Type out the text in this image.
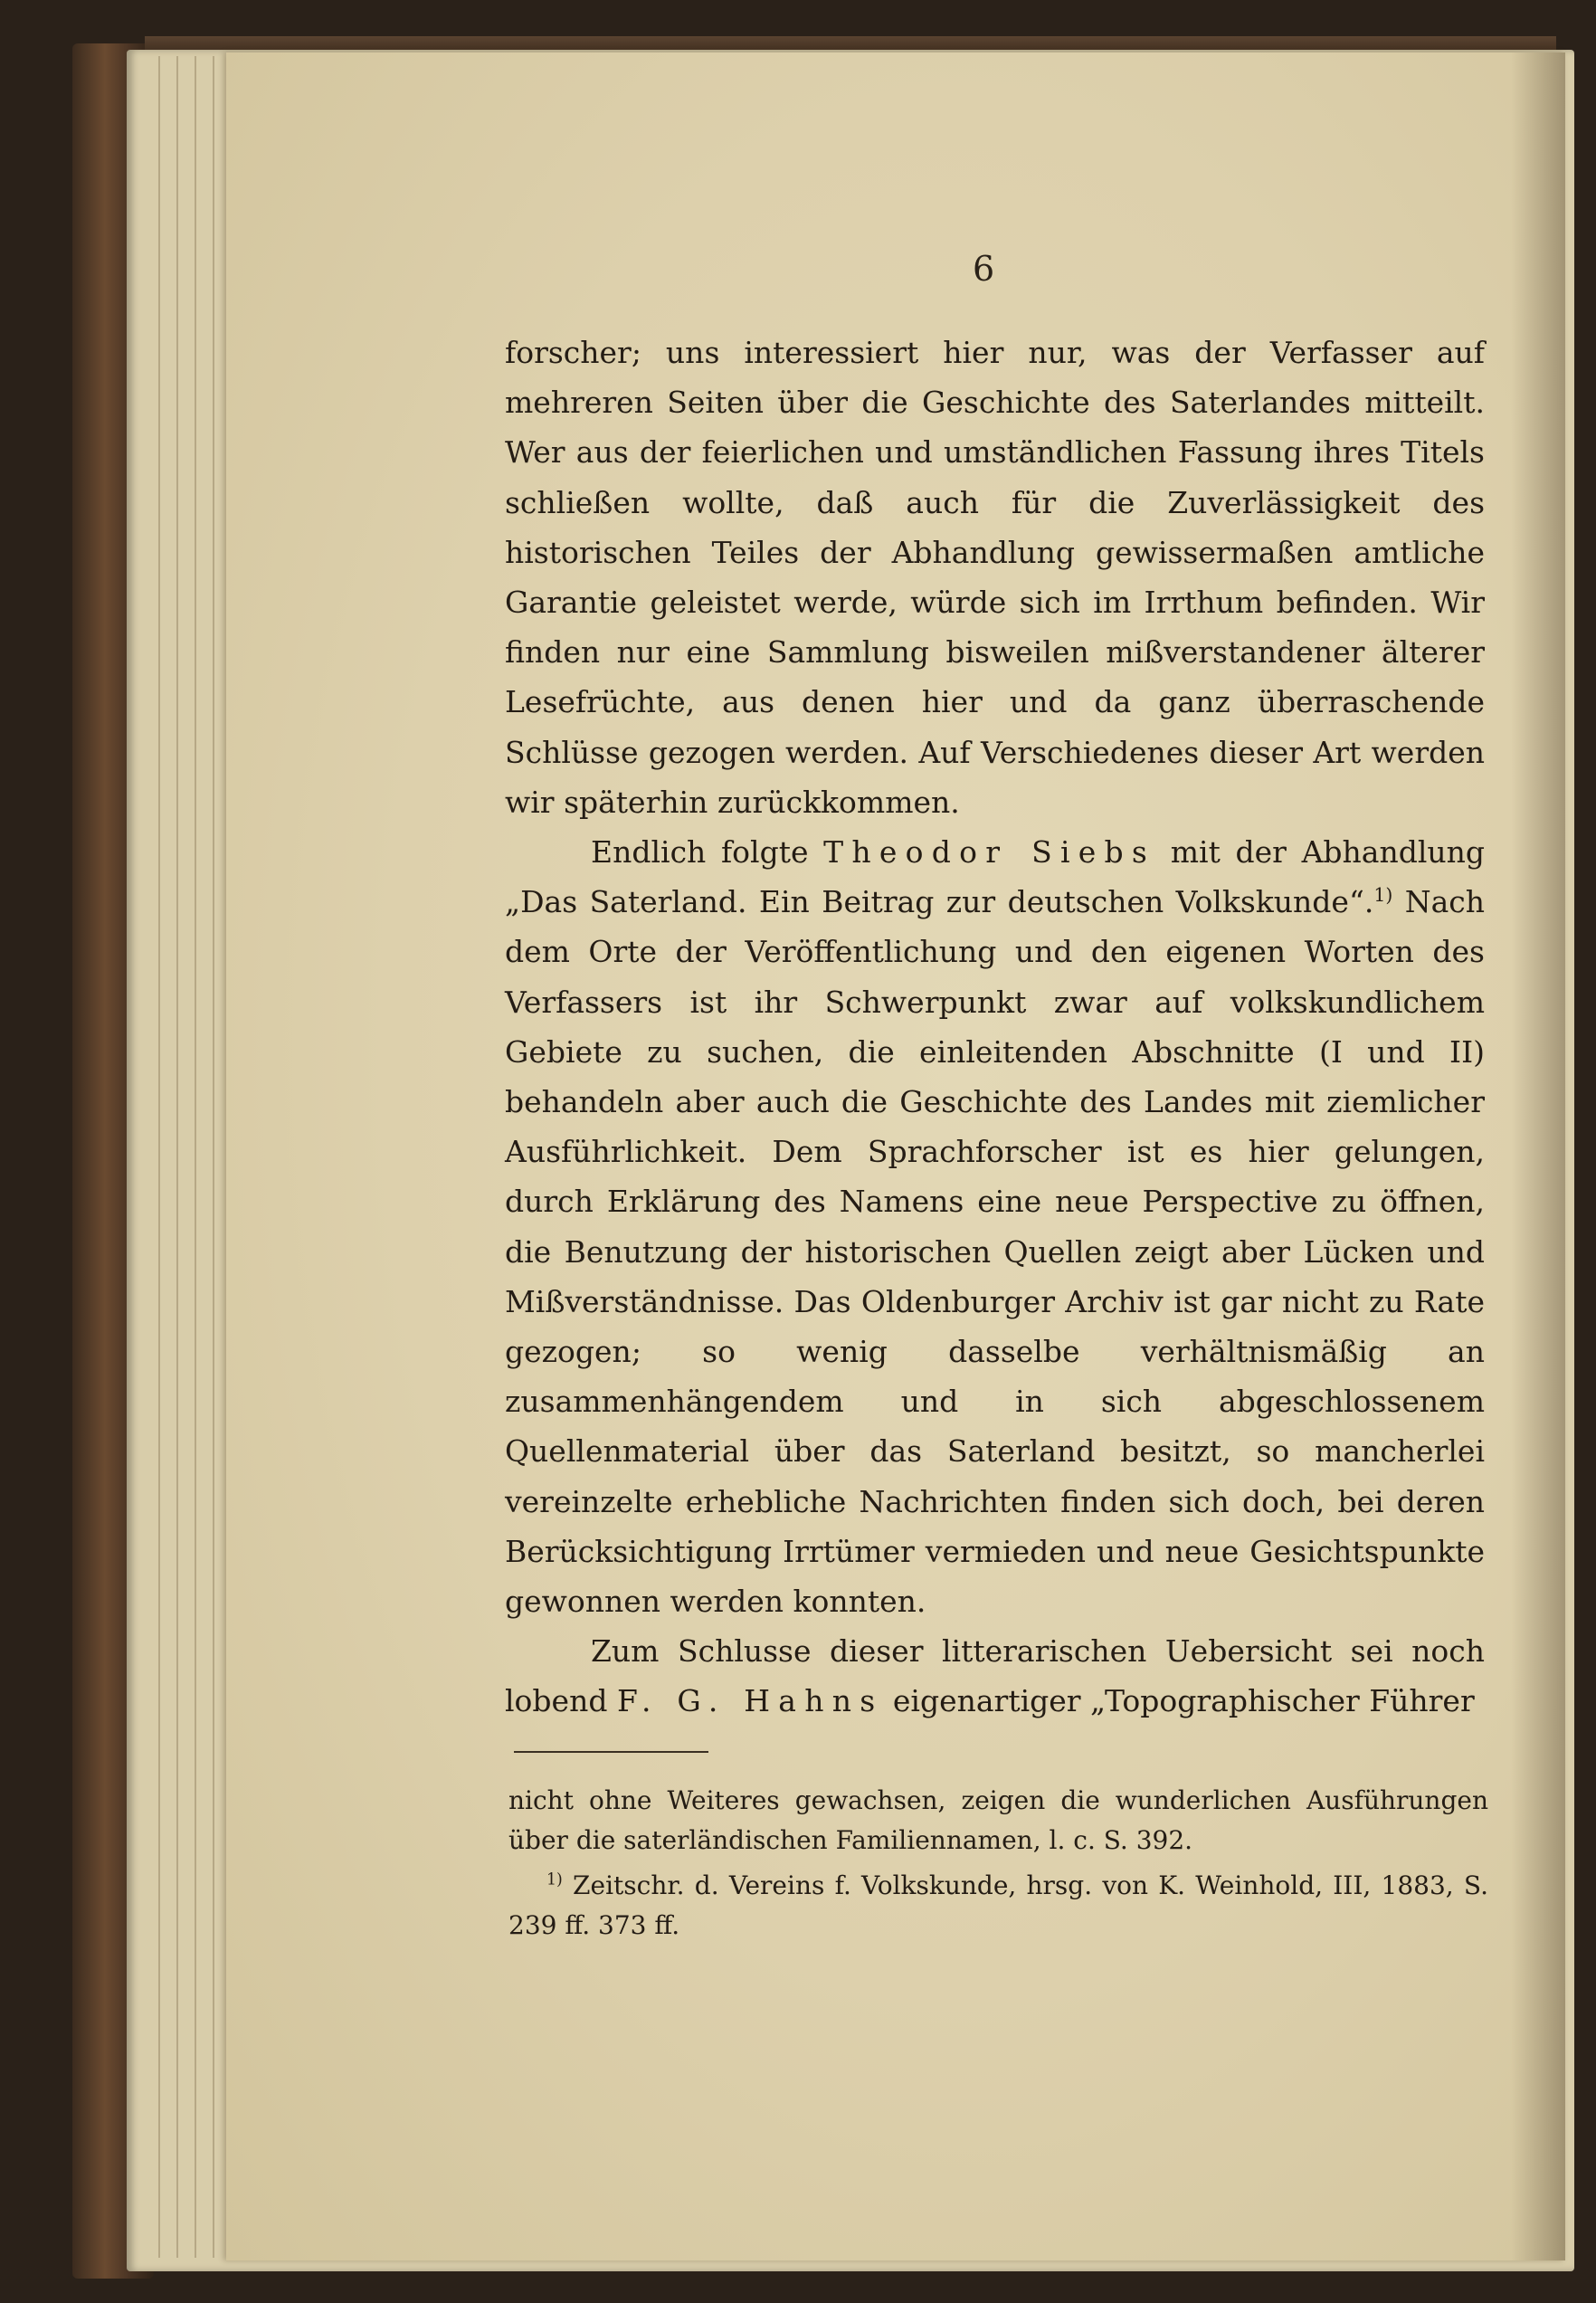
6

forscher; uns interessiert hier nur, was der Verfasser auf mehreren Seiten über die Geschichte des Saterlandes mitteilt. Wer aus der feierlichen und umständlichen Fassung ihres Titels schließen wollte, daß auch für die Zuverlässigkeit des historischen Teiles der Abhandlung gewissermaßen amtliche Garantie geleistet werde, würde sich im Irrthum befinden. Wir finden nur eine Sammlung bisweilen mißverstandener älterer Lesefrüchte, aus denen hier und da ganz überraschende Schlüsse gezogen werden. Auf Verschiedenes dieser Art werden wir späterhin zurückkommen.

Endlich folgte Theodor Siebs mit der Abhandlung „Das Saterland. Ein Beitrag zur deutschen Volkskunde“.$^{1)}$ Nach dem Orte der Veröffentlichung und den eigenen Worten des Verfassers ist ihr Schwerpunkt zwar auf volkskundlichem Gebiete zu suchen, die einleitenden Abschnitte (I und II) behandeln aber auch die Geschichte des Landes mit ziemlicher Ausführlichkeit. Dem Sprachforscher ist es hier gelungen, durch Erklärung des Namens eine neue Perspective zu öffnen, die Benutzung der historischen Quellen zeigt aber Lücken und Mißverständnisse. Das Oldenburger Archiv ist gar nicht zu Rate gezogen; so wenig dasselbe verhältnismäßig an zusammenhängendem und in sich abgeschlossenem Quellenmaterial über das Saterland besitzt, so mancherlei vereinzelte erhebliche Nachrichten finden sich doch, bei deren Berücksichtigung Irrtümer vermieden und neue Gesichtspunkte gewonnen werden konnten.

Zum Schlusse dieser litterarischen Uebersicht sei noch lobend F. G. Hahns eigenartiger „Topographischer Führer

nicht ohne Weiteres gewachsen, zeigen die wunderlichen Ausführungen über die saterländischen Familiennamen, l. c. S. 392.

$^{1)}$ Zeitschr. d. Vereins f. Volkskunde, hrsg. von K. Weinhold, III, 1883, S. 239 ff. 373 ff.
